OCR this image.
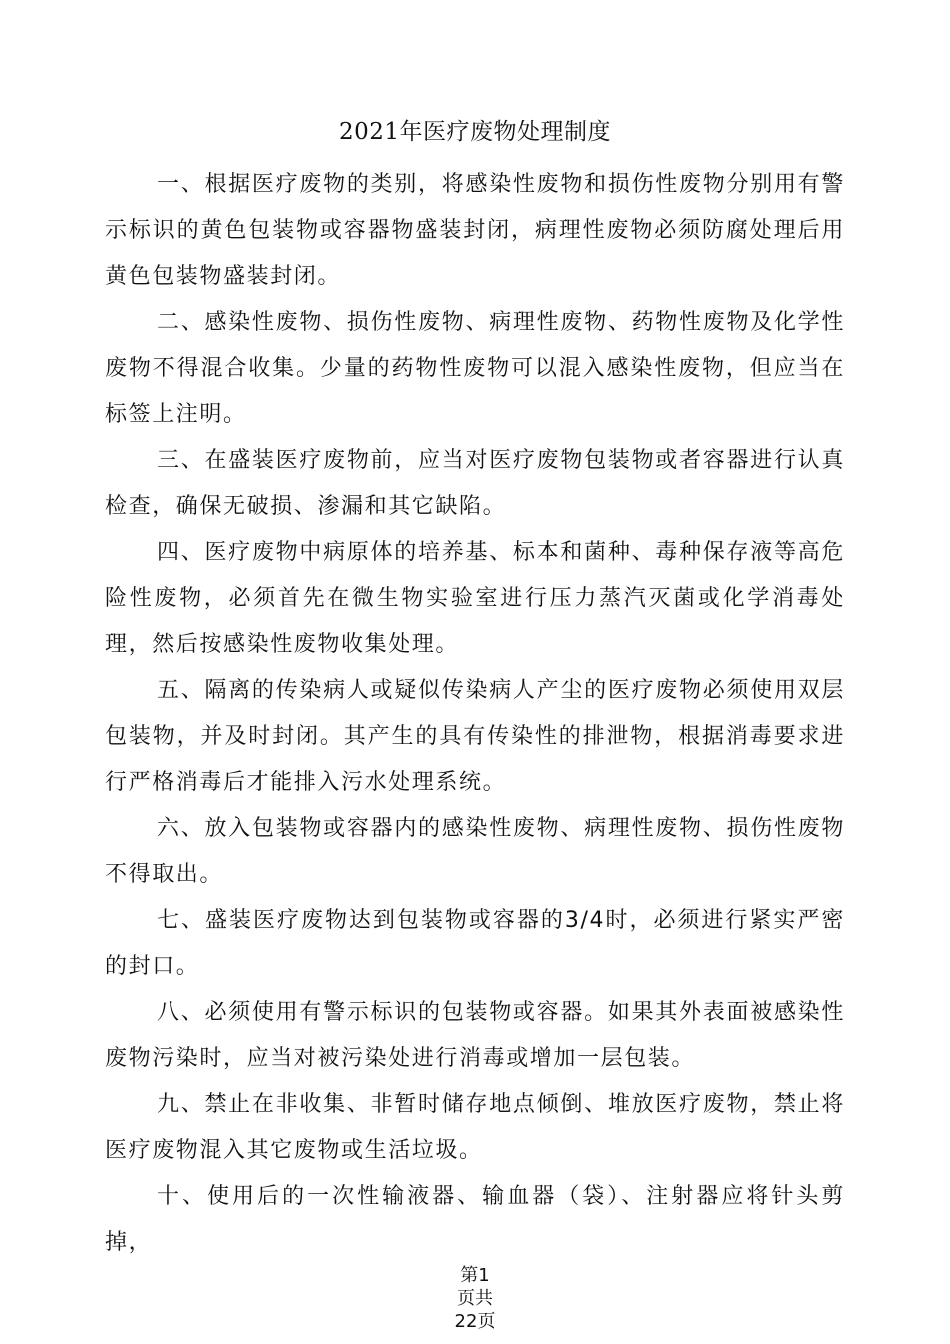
2021年医疗废物处理制度

一、根据医疗废物的类别，将感染性废物和损伤性废物分别用有警示标识的黄色包装物或容器物盛装封闭，病理性废物必须防腐处理后用黄色包装物盛装封闭。

二、感染性废物、损伤性废物、病理性废物、药物性废物及化学性废物不得混合收集。少量的药物性废物可以混入感染性废物，但应当在标签上注明。

三、在盛装医疗废物前，应当对医疗废物包装物或者容器进行认真检查，确保无破损、渗漏和其它缺陷。

四、医疗废物中病原体的培养基、标本和菌种、毒种保存液等高危险性废物，必须首先在微生物实验室进行压力蒸汽灭菌或化学消毒处理，然后按感染性废物收集处理。

五、隔离的传染病人或疑似传染病人产尘的医疗废物必须使用双层包装物，并及时封闭。其产生的具有传染性的排泄物，根据消毒要求进行严格消毒后才能排入污水处理系统。

六、放入包装物或容器内的感染性废物、病理性废物、损伤性废物不得取出。

七、盛装医疗废物达到包装物或容器的3/4时，必须进行紧实严密的封口。

八、必须使用有警示标识的包装物或容器。如果其外表面被感染性废物污染时，应当对被污染处进行消毒或增加一层包装。

九、禁止在非收集、非暂时储存地点倾倒、堆放医疗废物，禁止将医疗废物混入其它废物或生活垃圾。

十、使用后的一次性输液器、输血器（袋）、注射器应将针头剪掉，

第1
页共
22页
